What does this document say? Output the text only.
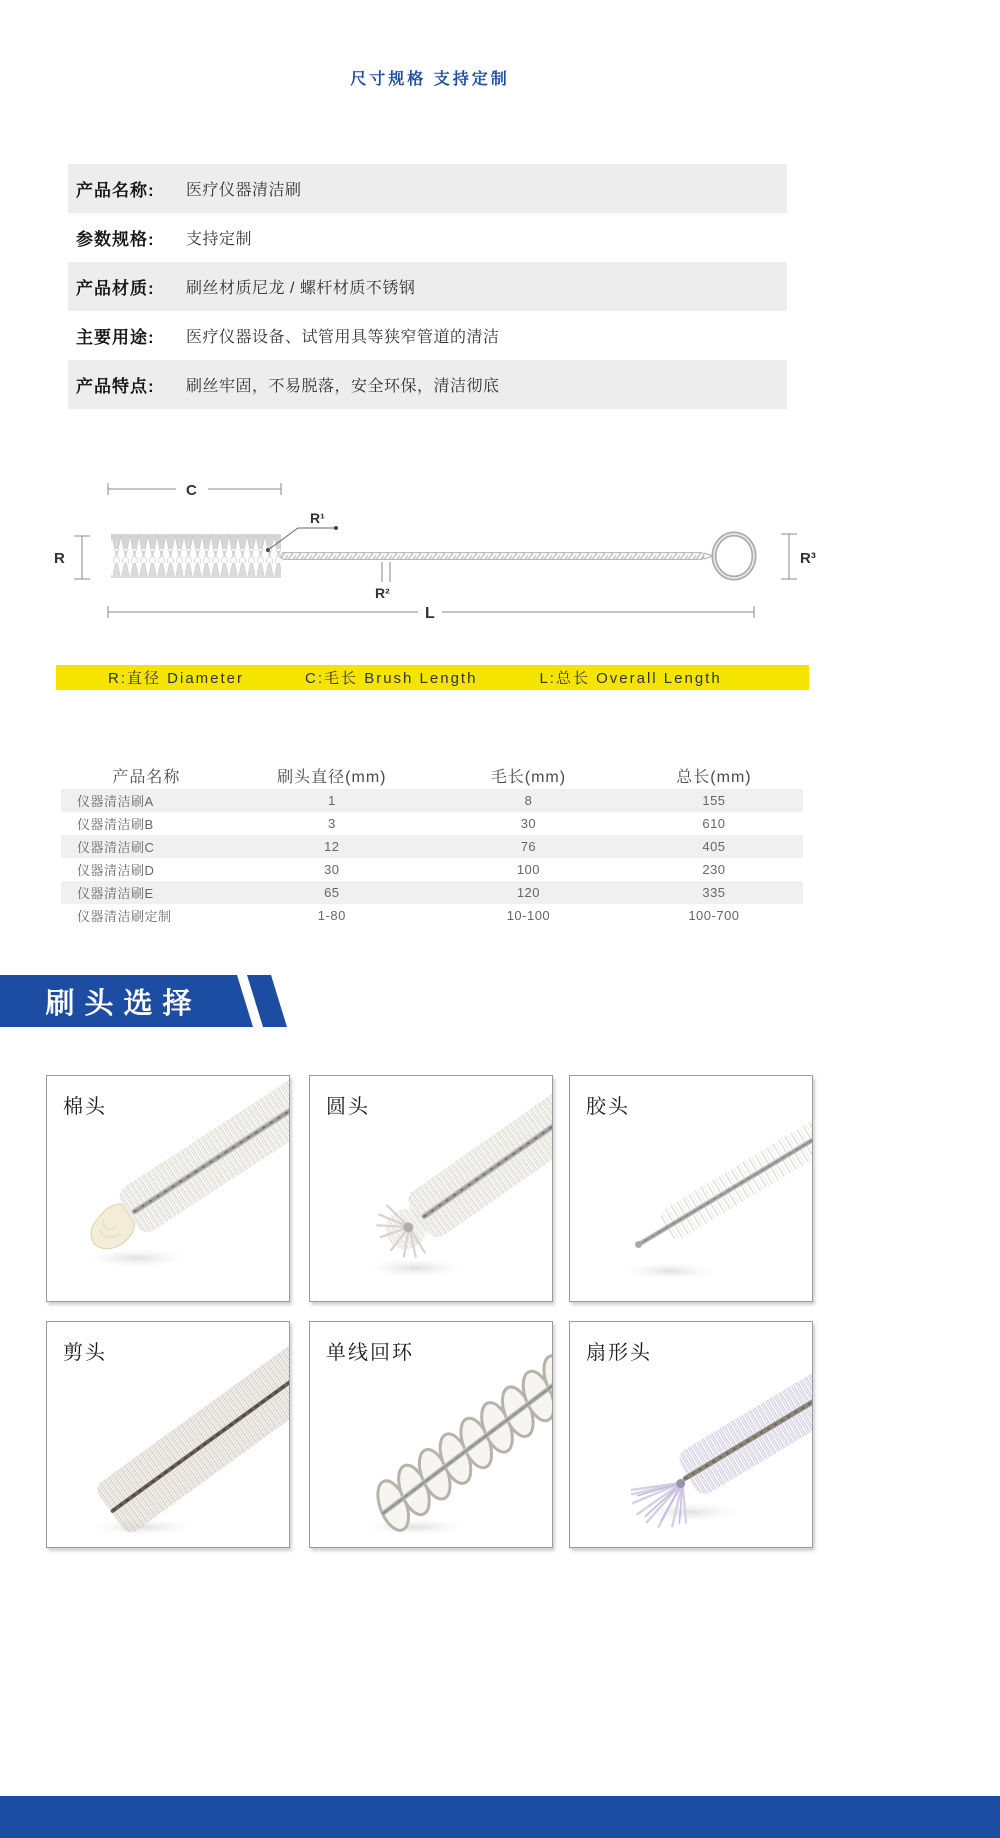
尺寸规格 支持定制
产品名称:	医疗仪器清洁刷
参数规格:	支持定制
产品材质:	刷丝材质尼龙 / 螺杆材质不锈钢
主要用途:	医疗仪器设备、试管用具等狭窄管道的清洁
产品特点:	刷丝牢固，不易脱落，安全环保，清洁彻底
C
R
R¹
R²
R³
L
R:直径 Diameter	C:毛长 Brush Length	L:总长 Overall Length
产品名称	刷头直径(mm)	毛长(mm)	总长(mm)
仪器清洁刷A	1	8	155
仪器清洁刷B	3	30	610
仪器清洁刷C	12	76	405
仪器清洁刷D	30	100	230
仪器清洁刷E	65	120	335
仪器清洁刷定制	1-80	10-100	100-700
刷头选择
棉头	圆头	胶头
剪头	单线回环	扇形头
